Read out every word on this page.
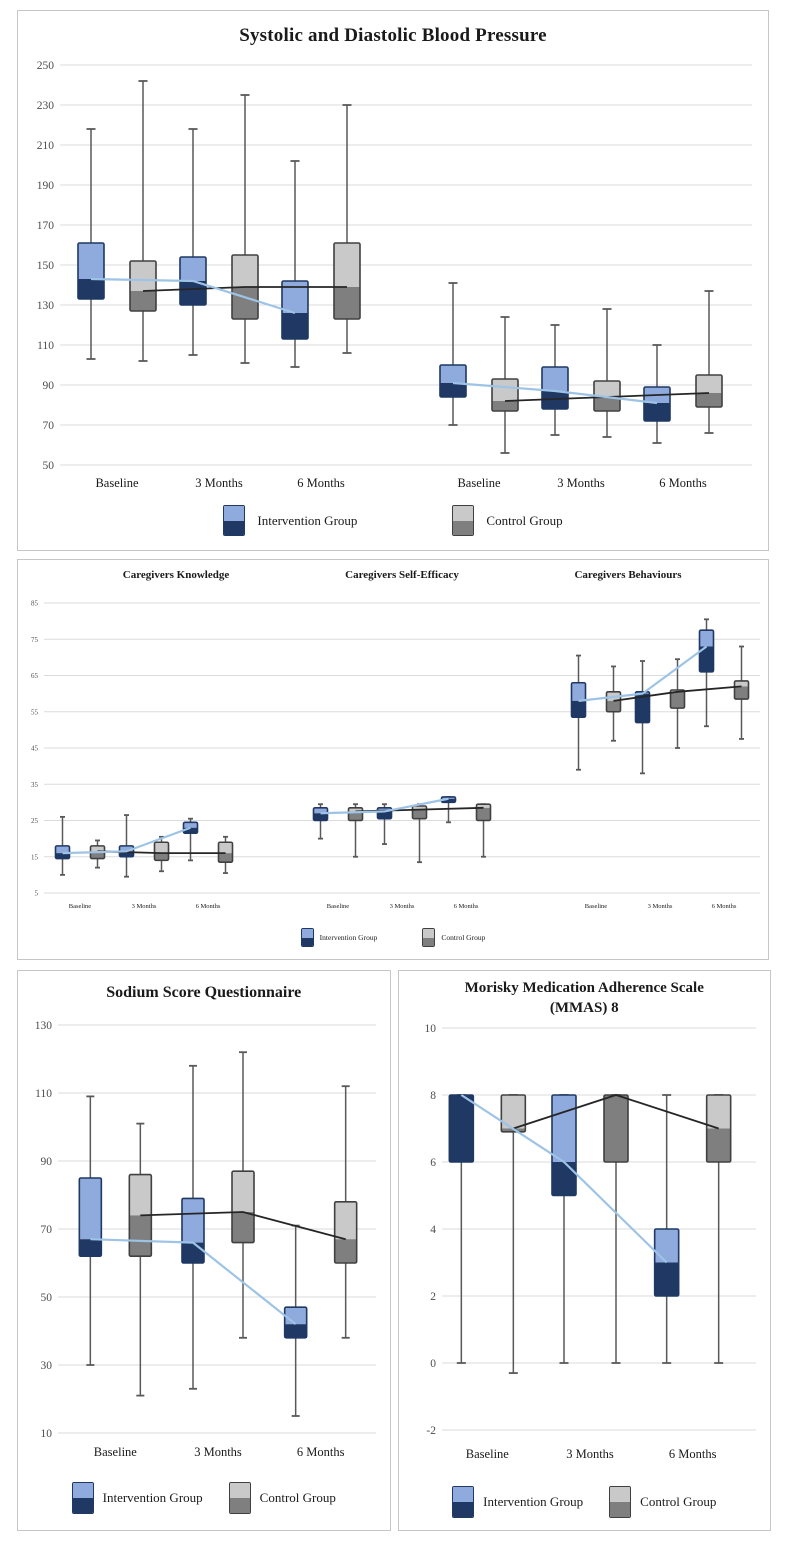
Systolic and Diastolic Blood Pressure
250
230
210
190
170
150
130
110
90
70
50
Baseline	3 Months	6 Months	Baseline	3 Months	6 Months
Intervention Group	Control Group
Caregivers Knowledge	Caregivers Self-Efficacy	Caregivers Behaviours
85
75
65
55
45
35
25
15
5
Baseline	3 Months	6 Months	Baseline	3 Months	6 Months	Baseline	3 Months	6 Months
Intervention Group	Control Group
Sodium Score Questionnaire
130
110
90
70
50
30
10
Baseline	3 Months	6 Months
Intervention Group	Control Group
Morisky Medication Adherence Scale (MMAS) 8
10
8
6
4
2
0
-2
Baseline	3 Months	6 Months
Intervention Group	Control Group
